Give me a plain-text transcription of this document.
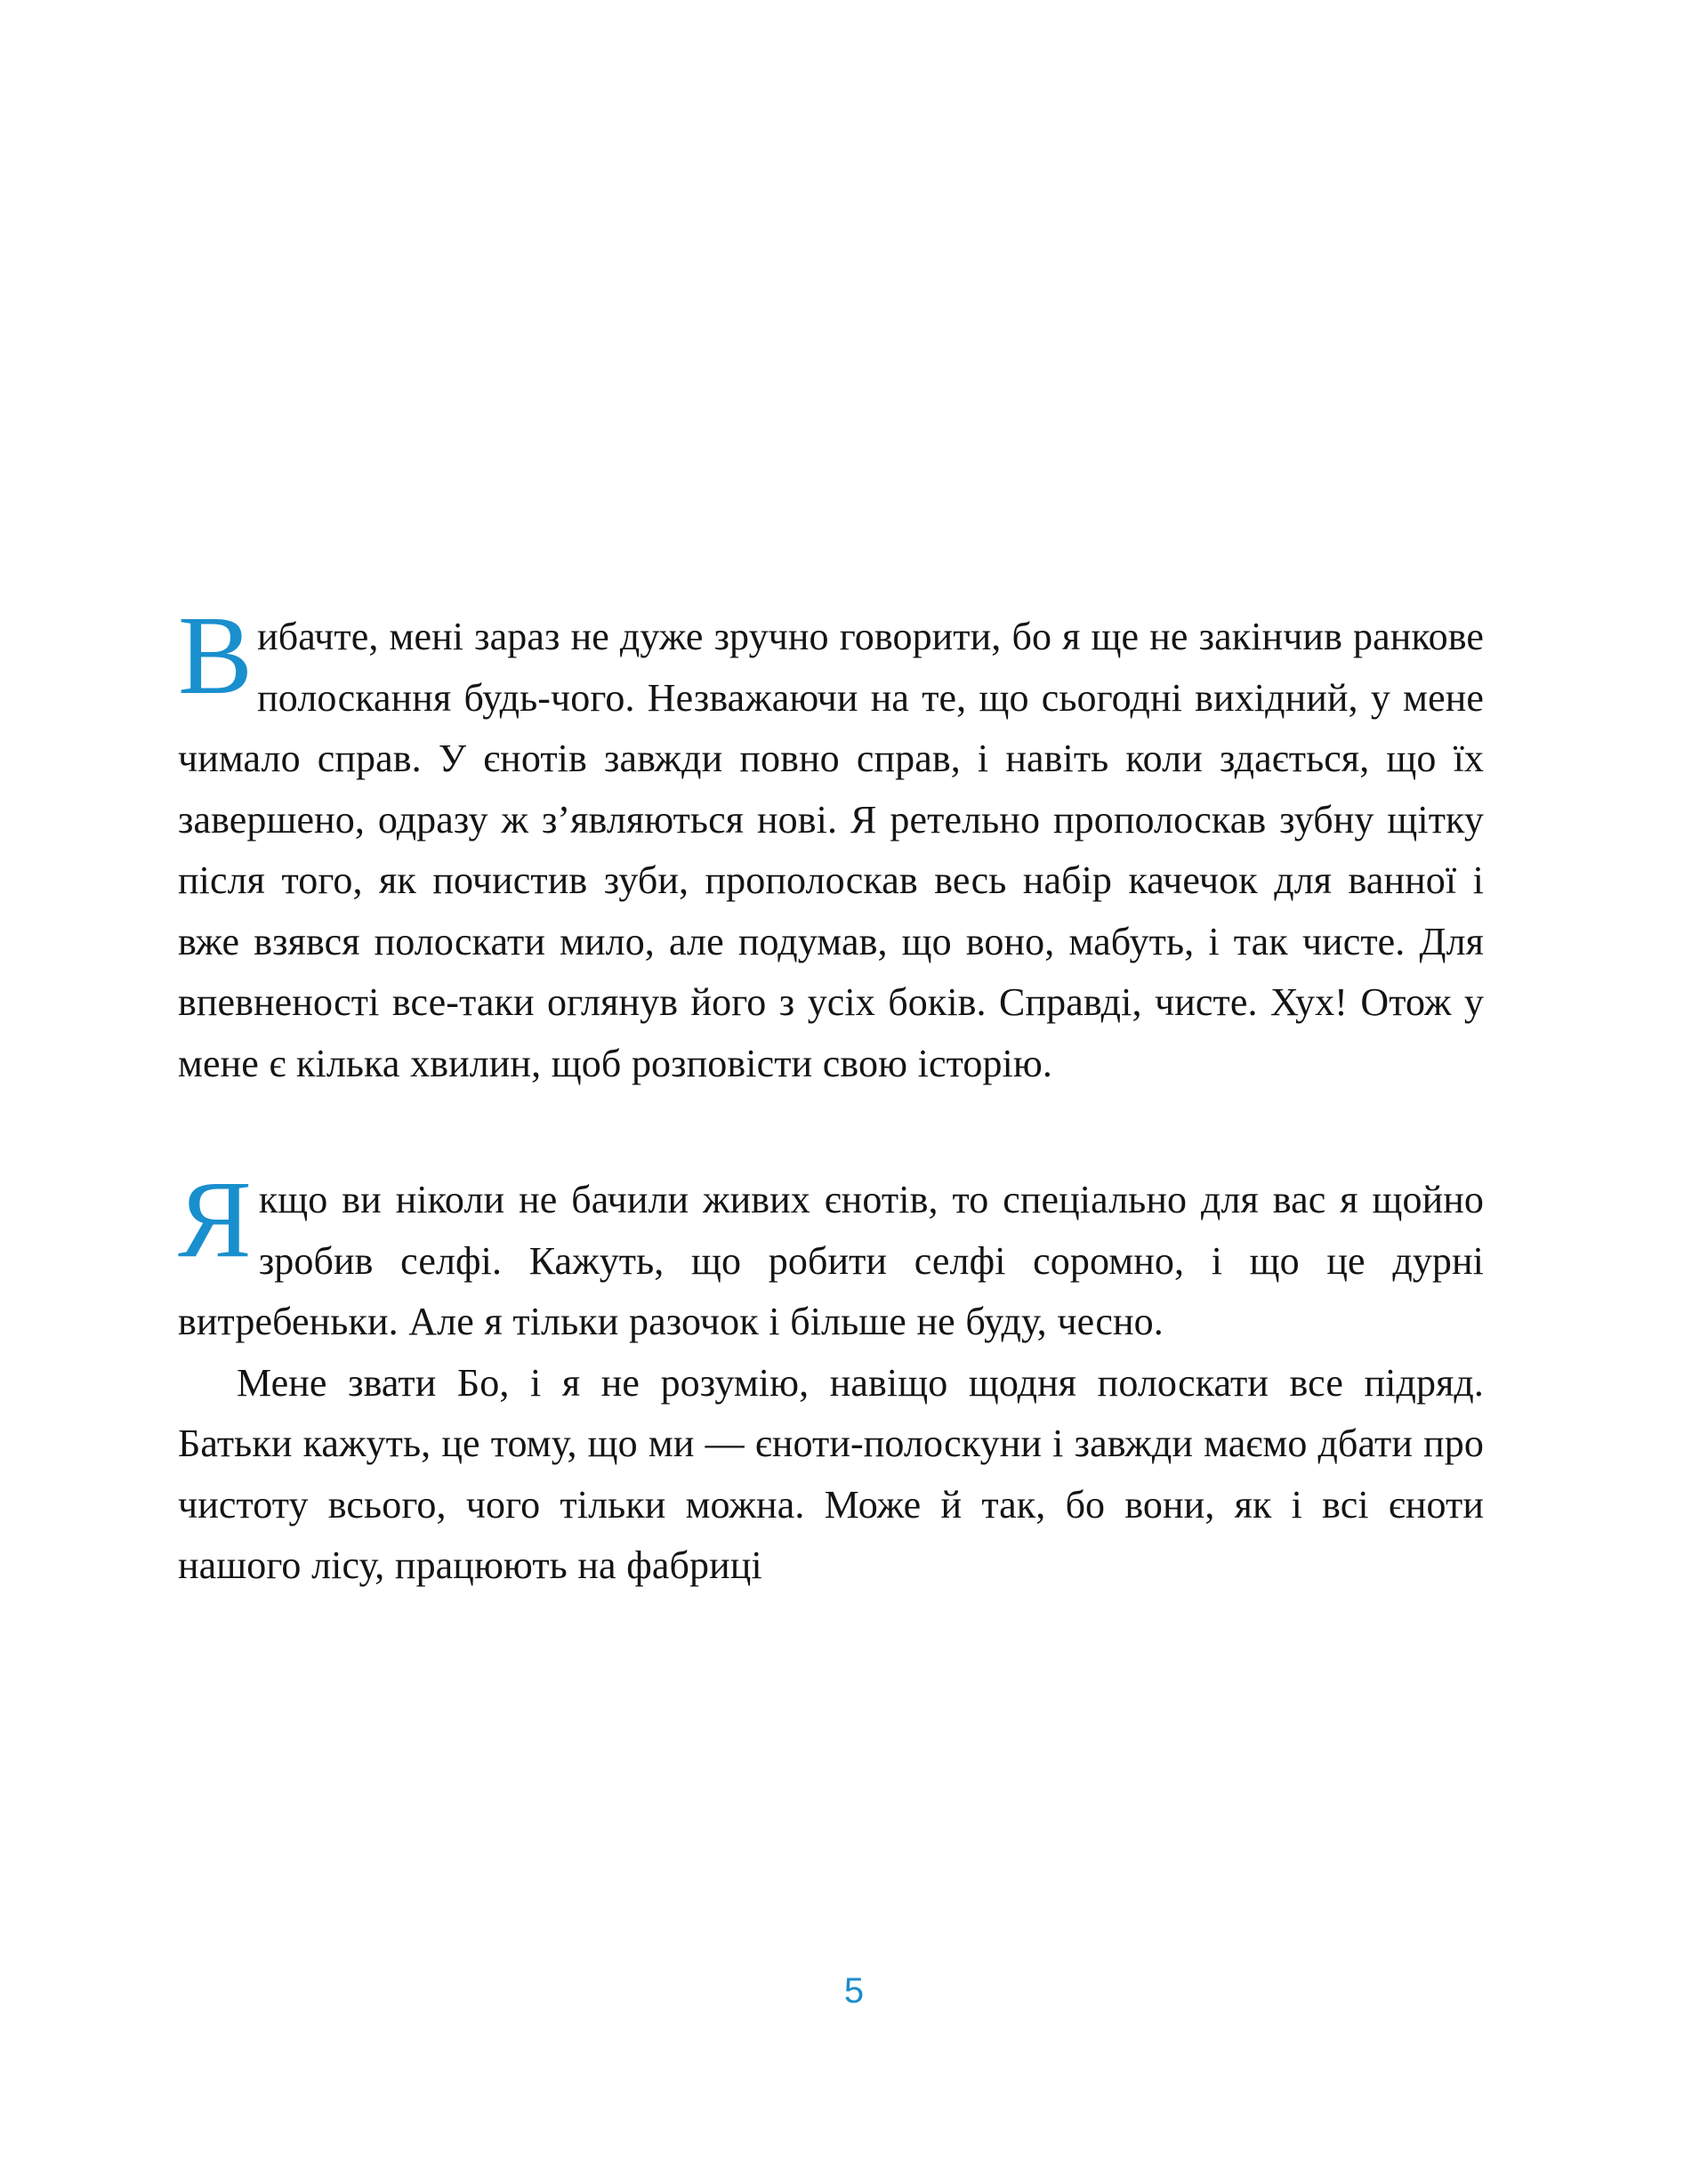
Вибачте, мені зараз не дуже зручно говорити, бо я ще не закінчив ранкове полоскання будь-чого. Незважаючи на те, що сьогодні вихідний, у мене чимало справ. У єнотів завжди повно справ, і навіть коли здається, що їх завершено, одразу ж з’являються нові. Я ретельно прополоскав зубну щітку після того, як почистив зуби, прополоскав весь набір качечок для ванної і вже взявся полоскати мило, але подумав, що воно, мабуть, і так чисте. Для впевненості все-таки оглянув його з усіх боків. Справді, чисте. Хух! Отож у мене є кілька хвилин, щоб розповісти свою історію.

Якщо ви ніколи не бачили живих єнотів, то спеціально для вас я щойно зробив селфі. Кажуть, що робити селфі соромно, і що це дурні витребеньки. Але я тільки разочок і більше не буду, чесно.

Мене звати Бо, і я не розумію, навіщо щодня полоскати все підряд. Батьки кажуть, це тому, що ми — єноти-полоскуни і завжди маємо дбати про чистоту всього, чого тільки можна. Може й так, бо вони, як і всі єноти нашого лісу, працюють на фабриці

5
